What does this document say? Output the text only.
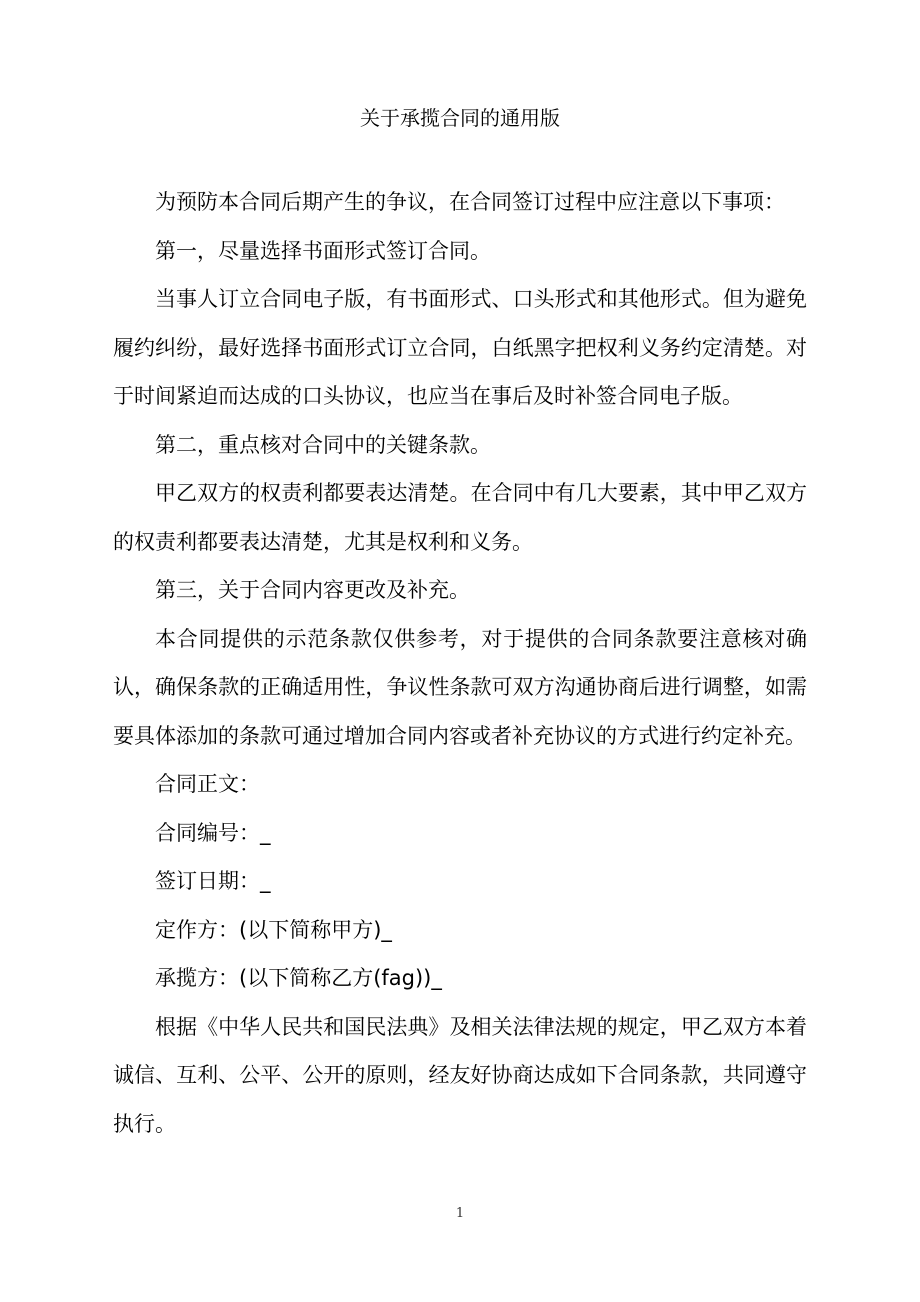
关于承揽合同的通用版

为预防本合同后期产生的争议，在合同签订过程中应注意以下事项：

第一，尽量选择书面形式签订合同。

当事人订立合同电子版，有书面形式、口头形式和其他形式。但为避免履约纠纷，最好选择书面形式订立合同，白纸黑字把权利义务约定清楚。对于时间紧迫而达成的口头协议，也应当在事后及时补签合同电子版。

第二，重点核对合同中的关键条款。

甲乙双方的权责利都要表达清楚。在合同中有几大要素，其中甲乙双方的权责利都要表达清楚，尤其是权利和义务。

第三，关于合同内容更改及补充。

本合同提供的示范条款仅供参考，对于提供的合同条款要注意核对确认，确保条款的正确适用性，争议性条款可双方沟通协商后进行调整，如需要具体添加的条款可通过增加合同内容或者补充协议的方式进行约定补充。

合同正文：

合同编号：_

签订日期：_

定作方：(以下简称甲方)_

承揽方：(以下简称乙方(fag))_

根据《中华人民共和国民法典》及相关法律法规的规定，甲乙双方本着诚信、互利、公平、公开的原则，经友好协商达成如下合同条款，共同遵守执行。

1
